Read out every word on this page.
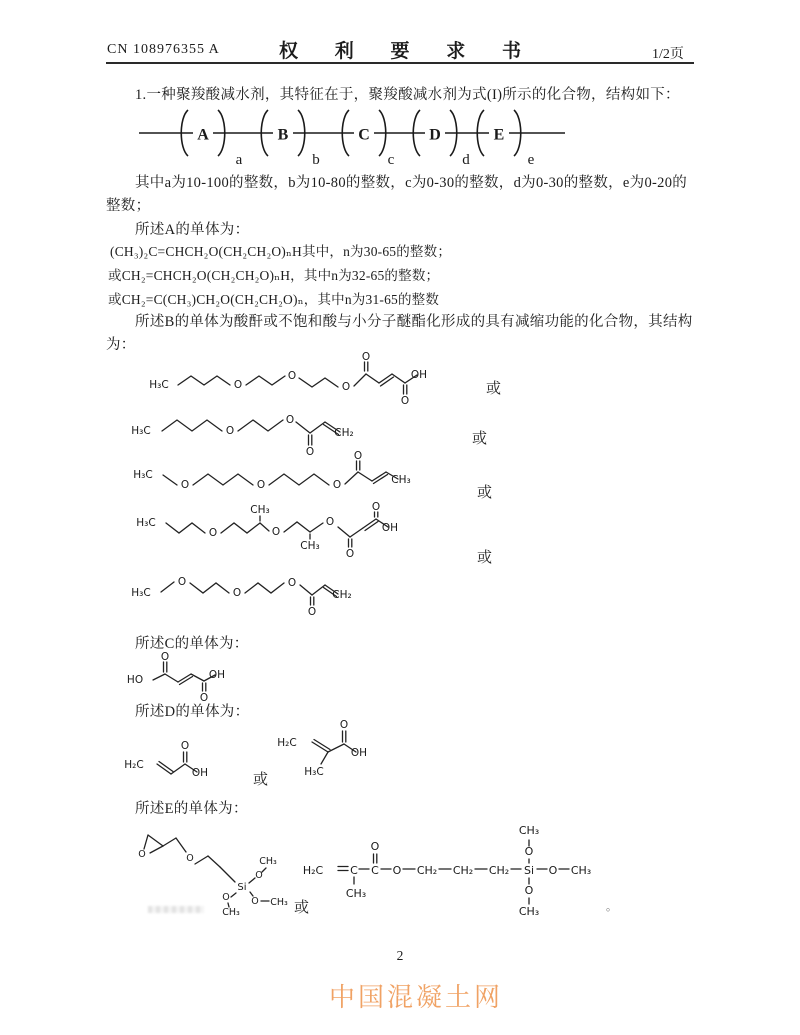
CN 108976355 A	权 利 要 求 书	1/2页

1.一种聚羧酸减水剂，其特征在于，聚羧酸减水剂为式(I)所示的化合物，结构如下：

A
a
B
b
C
c
D
d
E
e

其中a为10-100的整数，b为10-80的整数，c为0-30的整数，d为0-30的整数，e为0-20的整数；

所述A的单体为：

(CH₃)₂C=CHCH₂O(CH₂CH₂O)ₙH其中，n为30-65的整数；

或CH₂=CHCH₂O(CH₂CH₂O)ₙH，其中n为32-65的整数；

或CH₂=C(CH₃)CH₂O(CH₂CH₂O)ₙ，其中n为31-65的整数

所述B的单体为酸酐或不饱和酸与小分子醚酯化形成的具有减缩功能的化合物，其结构为：

H₃C	O
O
O
O
O
OH
或
H₃C	O
O
O
CH₂	或
H₃C
O	O	O
O
CH₃
或
H₃C
O
CH₃
O
CH₃
O
O
O
OH
或
H₃C
O
O
O
O
CH₂

所述C的单体为：

HO
O
O
OH

所述D的单体为：

H₂C
O
OH	或
H₂C
H₃C
O
OH

所述E的单体为：

O	O
Si
O
CH₃
O CH₃
O
CH₃	或
H₂C C
CH₃
C
O
O CH₂ CH₂ CH₂ Si
O
CH₃
O CH₃
O
CH₃	。
2
中国混凝土网
